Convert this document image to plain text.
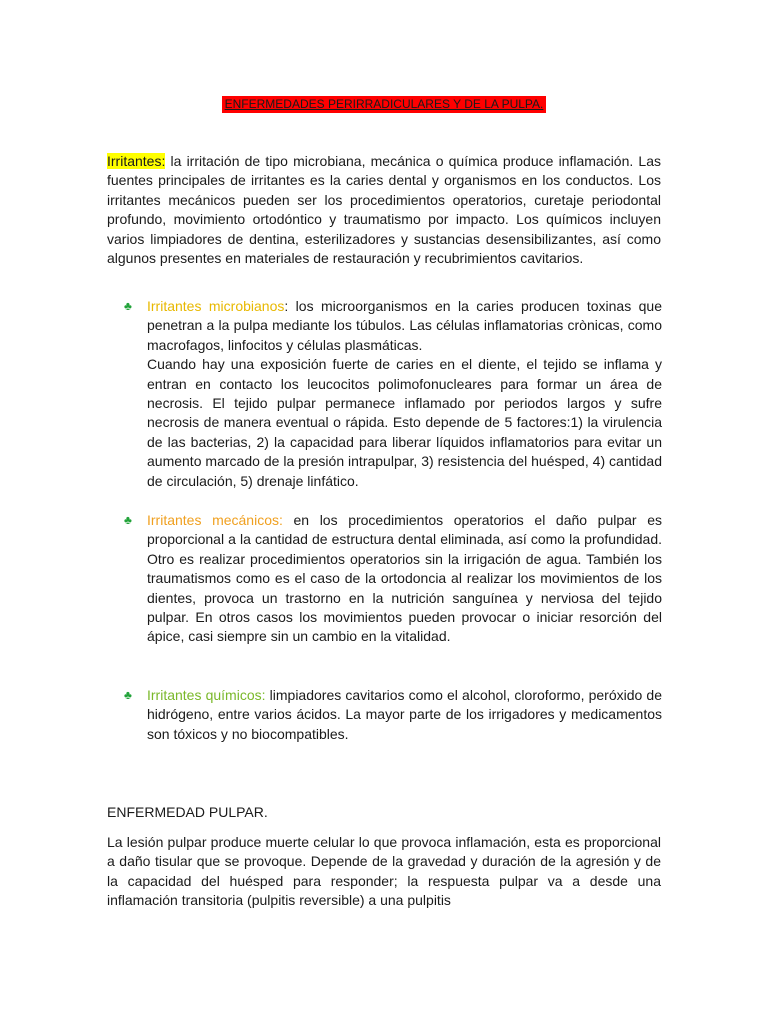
ENFERMEDADES PERIRRADICULARES Y DE LA PULPA.
Irritantes: la irritación de tipo microbiana, mecánica o química produce inflamación. Las fuentes principales de irritantes es la caries dental y organismos en los conductos. Los irritantes mecánicos pueden ser los procedimientos operatorios, curetaje periodontal profundo, movimiento ortodóntico y traumatismo por impacto. Los químicos incluyen varios limpiadores de dentina, esterilizadores y sustancias desensibilizantes, así como algunos presentes en materiales de restauración y recubrimientos cavitarios.
♣ Irritantes microbianos: los microorganismos en la caries producen toxinas que penetran a la pulpa mediante los túbulos. Las células inflamatorias crònicas, como macrofagos, linfocitos y células plasmáticas.
Cuando hay una exposición fuerte de caries en el diente, el tejido se inflama y entran en contacto los leucocitos polimofonucleares para formar un área de necrosis. El tejido pulpar permanece inflamado por periodos largos y sufre necrosis de manera eventual o rápida. Esto depende de 5 factores:1) la virulencia de las bacterias, 2) la capacidad para liberar líquidos inflamatorios para evitar un aumento marcado de la presión intrapulpar, 3) resistencia del huésped, 4) cantidad de circulación, 5) drenaje linfático.
♣ Irritantes mecánicos: en los procedimientos operatorios el daño pulpar es proporcional a la cantidad de estructura dental eliminada, así como la profundidad. Otro es realizar procedimientos operatorios sin la irrigación de agua. También los traumatismos como es el caso de la ortodoncia al realizar los movimientos de los dientes, provoca un trastorno en la nutrición sanguínea y nerviosa del tejido pulpar. En otros casos los movimientos pueden provocar o iniciar resorción del ápice, casi siempre sin un cambio en la vitalidad.
♣ Irritantes químicos: limpiadores cavitarios como el alcohol, cloroformo, peróxido de hidrógeno, entre varios ácidos. La mayor parte de los irrigadores y medicamentos son tóxicos y no biocompatibles.
ENFERMEDAD PULPAR.
La lesión pulpar produce muerte celular lo que provoca inflamación, esta es proporcional a daño tisular que se provoque. Depende de la gravedad y duración de la agresión y de la capacidad del huésped para responder; la respuesta pulpar va a desde una inflamación transitoria (pulpitis reversible) a una pulpitis
